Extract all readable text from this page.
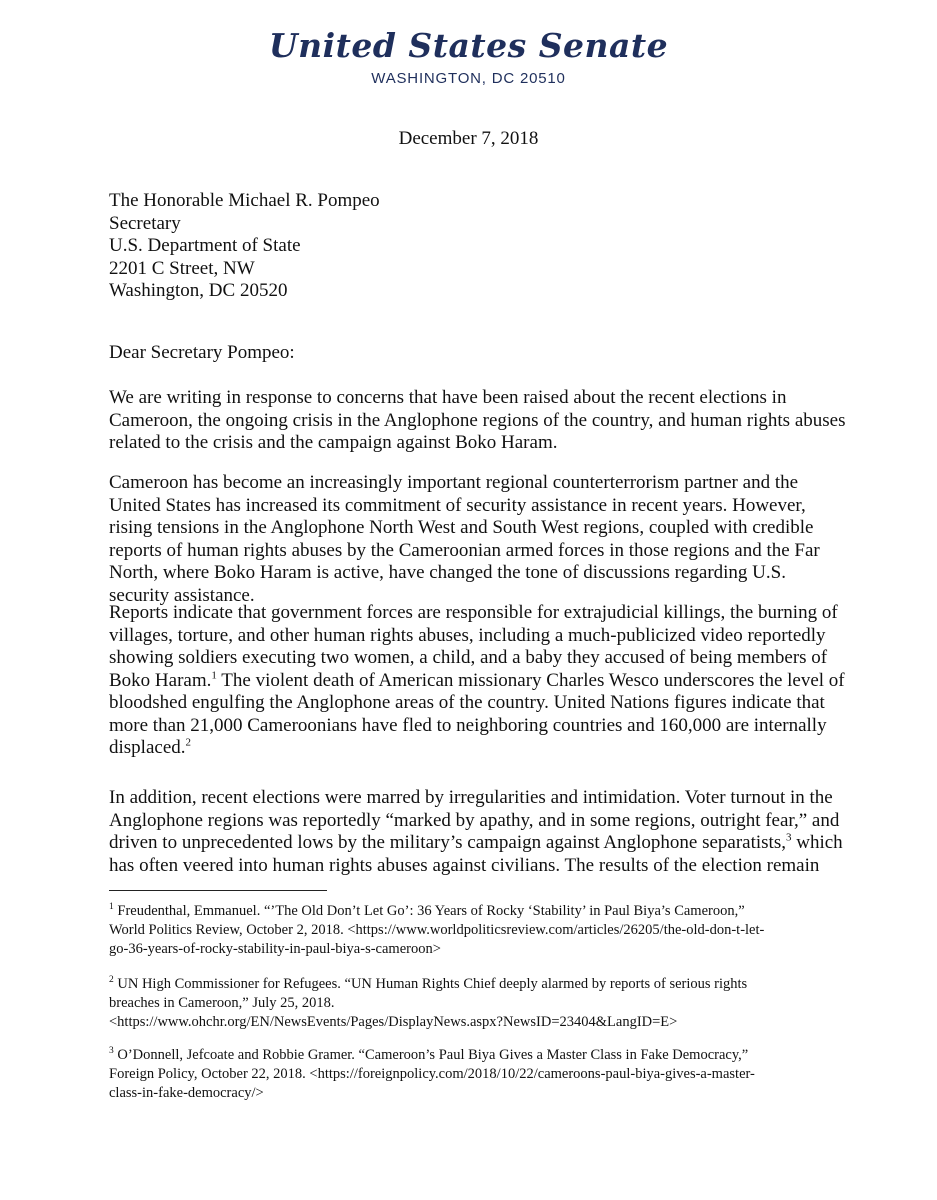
United States Senate
WASHINGTON, DC 20510
December 7, 2018
The Honorable Michael R. Pompeo
Secretary
U.S. Department of State
2201 C Street, NW
Washington, DC 20520
Dear Secretary Pompeo:
We are writing in response to concerns that have been raised about the recent elections in
Cameroon, the ongoing crisis in the Anglophone regions of the country, and human rights abuses
related to the crisis and the campaign against Boko Haram.
Cameroon has become an increasingly important regional counterterrorism partner and the
United States has increased its commitment of security assistance in recent years. However,
rising tensions in the Anglophone North West and South West regions, coupled with credible
reports of human rights abuses by the Cameroonian armed forces in those regions and the Far
North, where Boko Haram is active, have changed the tone of discussions regarding U.S.
security assistance.
Reports indicate that government forces are responsible for extrajudicial killings, the burning of
villages, torture, and other human rights abuses, including a much-publicized video reportedly
showing soldiers executing two women, a child, and a baby they accused of being members of
Boko Haram.$^1$ The violent death of American missionary Charles Wesco underscores the level of
bloodshed engulfing the Anglophone areas of the country. United Nations figures indicate that
more than 21,000 Cameroonians have fled to neighboring countries and 160,000 are internally
displaced.$^2$
In addition, recent elections were marred by irregularities and intimidation. Voter turnout in the
Anglophone regions was reportedly “marked by apathy, and in some regions, outright fear,” and
driven to unprecedented lows by the military’s campaign against Anglophone separatists,$^3$ which
has often veered into human rights abuses against civilians. The results of the election remain
$^1$ Freudenthal, Emmanuel. “’The Old Don’t Let Go’: 36 Years of Rocky ‘Stability’ in Paul Biya’s Cameroon,”
World Politics Review, October 2, 2018. <https://www.worldpoliticsreview.com/articles/26205/the-old-don-t-let-
go-36-years-of-rocky-stability-in-paul-biya-s-cameroon>
$^2$ UN High Commissioner for Refugees. “UN Human Rights Chief deeply alarmed by reports of serious rights
breaches in Cameroon,” July 25, 2018.
<https://www.ohchr.org/EN/NewsEvents/Pages/DisplayNews.aspx?NewsID=23404&LangID=E>
$^3$ O’Donnell, Jefcoate and Robbie Gramer. “Cameroon’s Paul Biya Gives a Master Class in Fake Democracy,”
Foreign Policy, October 22, 2018. <https://foreignpolicy.com/2018/10/22/cameroons-paul-biya-gives-a-master-
class-in-fake-democracy/>
